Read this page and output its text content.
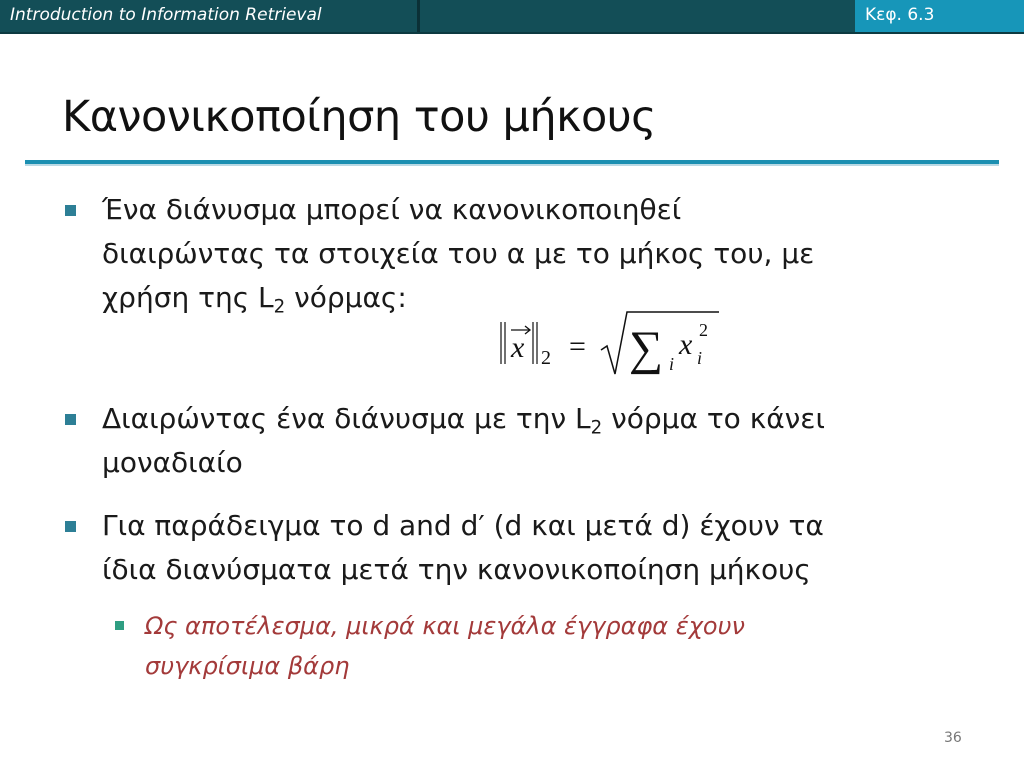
Introduction to Information Retrieval	Κεφ. 6.3
Κανονικοποίηση του μήκους
Ένα διάνυσμα μπορεί να κανονικοποιηθεί
διαιρώντας τα στοιχεία του α με το μήκος του, με
χρήση της $L_2$ νόρμας:
x 2 = ∑ i
x i
2
Διαιρώντας ένα διάνυσμα με την $L_2$ νόρμα το κάνει
μοναδιαίο
Για παράδειγμα το d and d′ (d και μετά d) έχουν τα
ίδια διανύσματα μετά την κανονικοποίηση μήκους
Ως αποτέλεσμα, μικρά και μεγάλα έγγραφα έχουν
συγκρίσιμα βάρη
36
